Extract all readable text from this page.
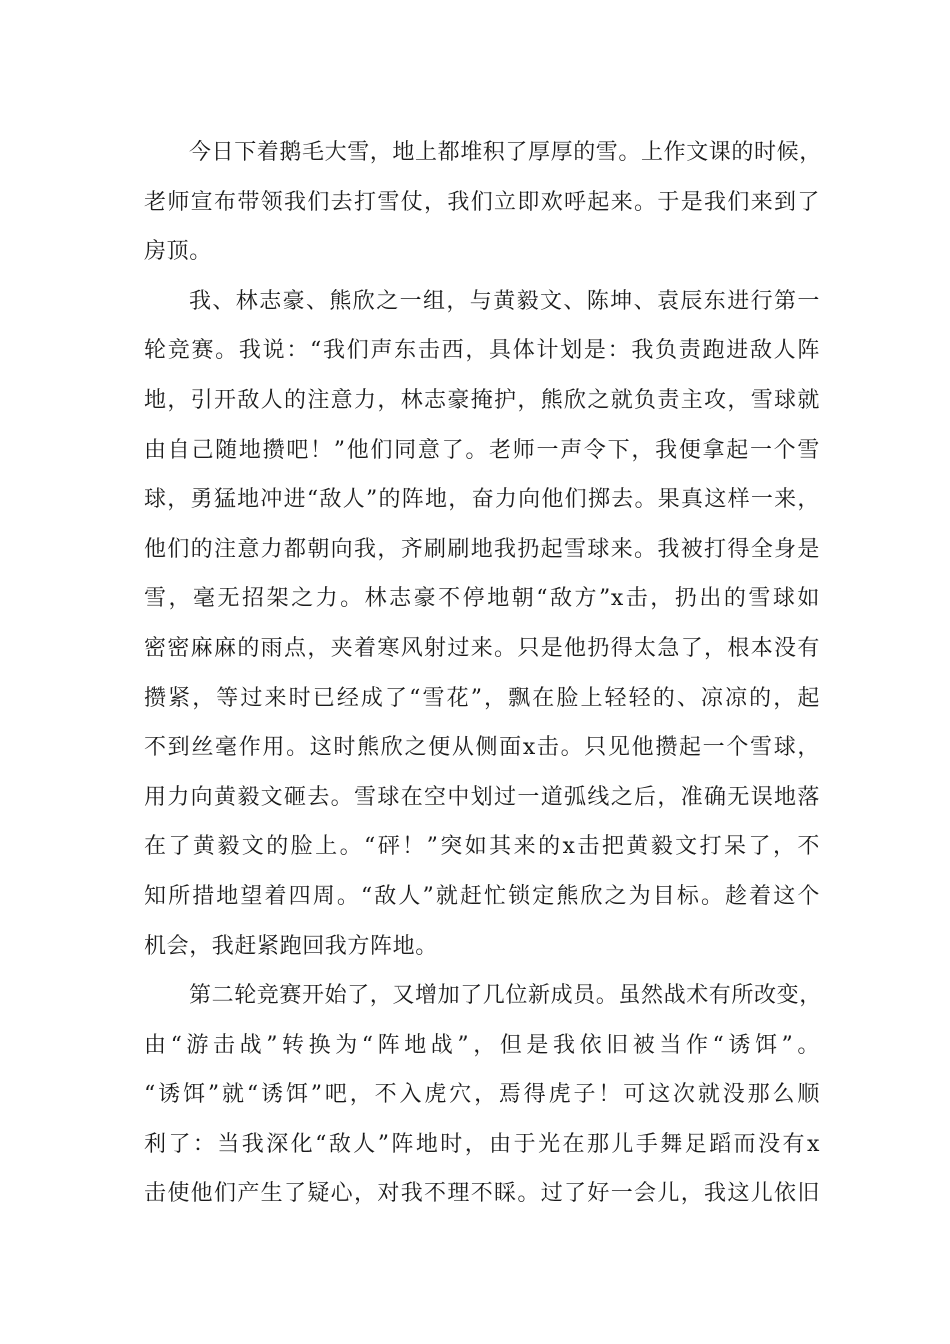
今日下着鹅毛大雪，地上都堆积了厚厚的雪。上作文课的时候，
老师宣布带领我们去打雪仗，我们立即欢呼起来。于是我们来到了
房顶。
我、林志豪、熊欣之一组，与黄毅文、陈坤、袁辰东进行第一
轮竞赛。我说：“我们声东击西，具体计划是：我负责跑进敌人阵
地，引开敌人的注意力，林志豪掩护，熊欣之就负责主攻，雪球就
由自己随地攒吧！”他们同意了。老师一声令下，我便拿起一个雪
球，勇猛地冲进“敌人”的阵地，奋力向他们掷去。果真这样一来，
他们的注意力都朝向我，齐刷刷地我扔起雪球来。我被打得全身是
雪，毫无招架之力。林志豪不停地朝“敌方”x击，扔出的雪球如
密密麻麻的雨点，夹着寒风射过来。只是他扔得太急了，根本没有
攒紧，等过来时已经成了“雪花”，飘在脸上轻轻的、凉凉的，起
不到丝毫作用。这时熊欣之便从侧面x击。只见他攒起一个雪球，
用力向黄毅文砸去。雪球在空中划过一道弧线之后，准确无误地落
在了黄毅文的脸上。“砰！”突如其来的x击把黄毅文打呆了，不
知所措地望着四周。“敌人”就赶忙锁定熊欣之为目标。趁着这个
机会，我赶紧跑回我方阵地。
第二轮竞赛开始了，又增加了几位新成员。虽然战术有所改变，
由“游击战”转换为“阵地战”，但是我依旧被当作“诱饵”。
“诱饵”就“诱饵”吧，不入虎穴，焉得虎子！可这次就没那么顺
利了：当我深化“敌人”阵地时，由于光在那儿手舞足蹈而没有x
击使他们产生了疑心，对我不理不睬。过了好一会儿，我这儿依旧
